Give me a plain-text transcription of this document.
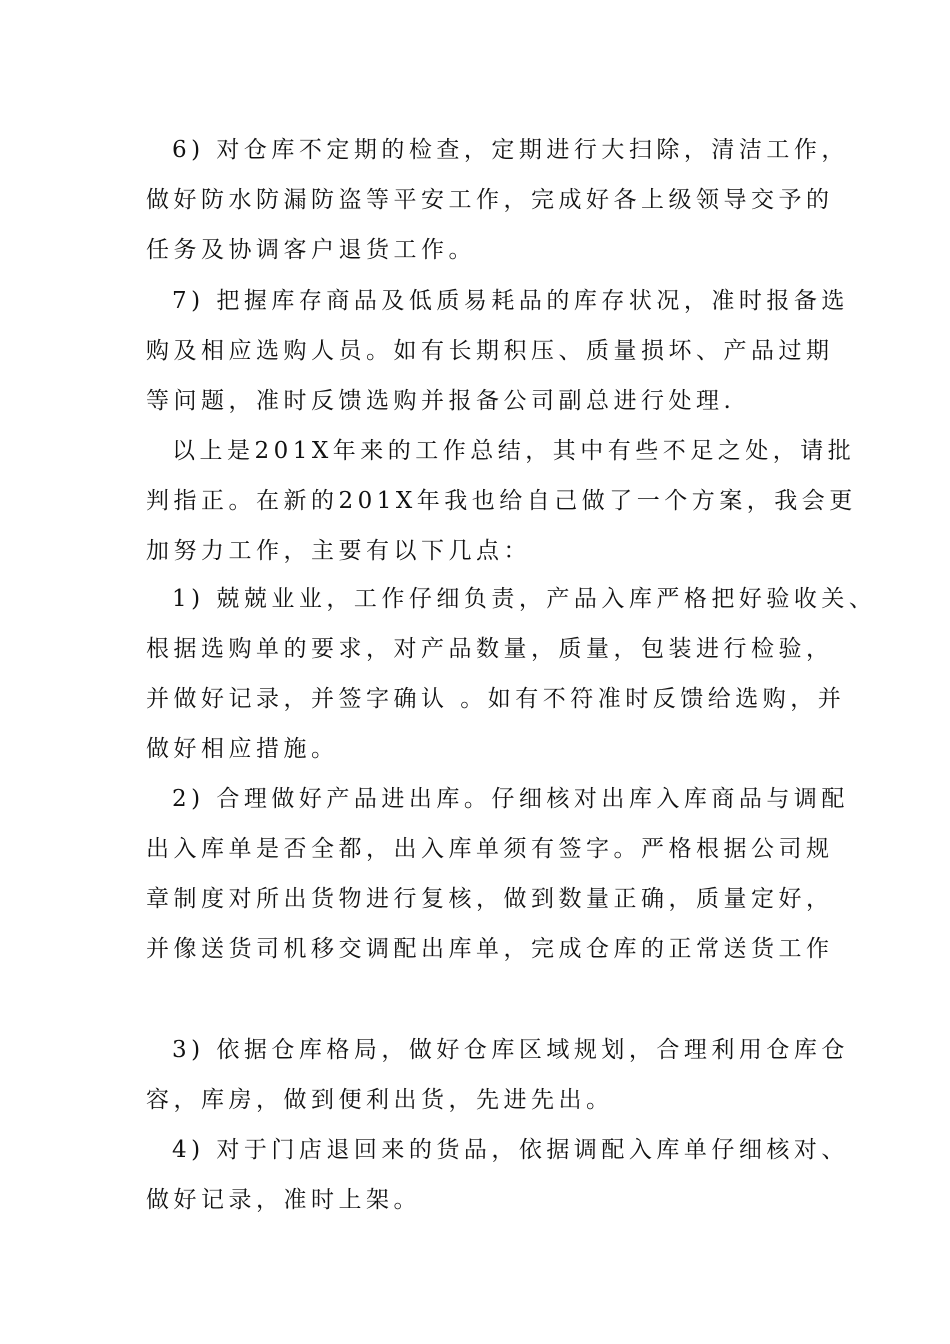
6) 对仓库不定期的检查，定期进行大扫除，清洁工作，
做好防水防漏防盗等平安工作，完成好各上级领导交予的
任务及协调客户退货工作。
7) 把握库存商品及低质易耗品的库存状况，准时报备选
购及相应选购人员。如有长期积压、质量损坏、产品过期
等问题，准时反馈选购并报备公司副总进行处理.
以上是201X年来的工作总结，其中有些不足之处，请批
判指正。在新的201X年我也给自己做了一个方案，我会更
加努力工作，主要有以下几点：
1) 兢兢业业，工作仔细负责，产品入库严格把好验收关、
根据选购单的要求，对产品数量，质量，包装进行检验，
并做好记录，并签字确认 。如有不符准时反馈给选购，并
做好相应措施。
2) 合理做好产品进出库。仔细核对出库入库商品与调配
出入库单是否全都，出入库单须有签字。严格根据公司规
章制度对所出货物进行复核，做到数量正确，质量定好，
并像送货司机移交调配出库单，完成仓库的正常送货工作
3) 依据仓库格局，做好仓库区域规划，合理利用仓库仓
容，库房，做到便利出货，先进先出。
4) 对于门店退回来的货品，依据调配入库单仔细核对、
做好记录，准时上架。
